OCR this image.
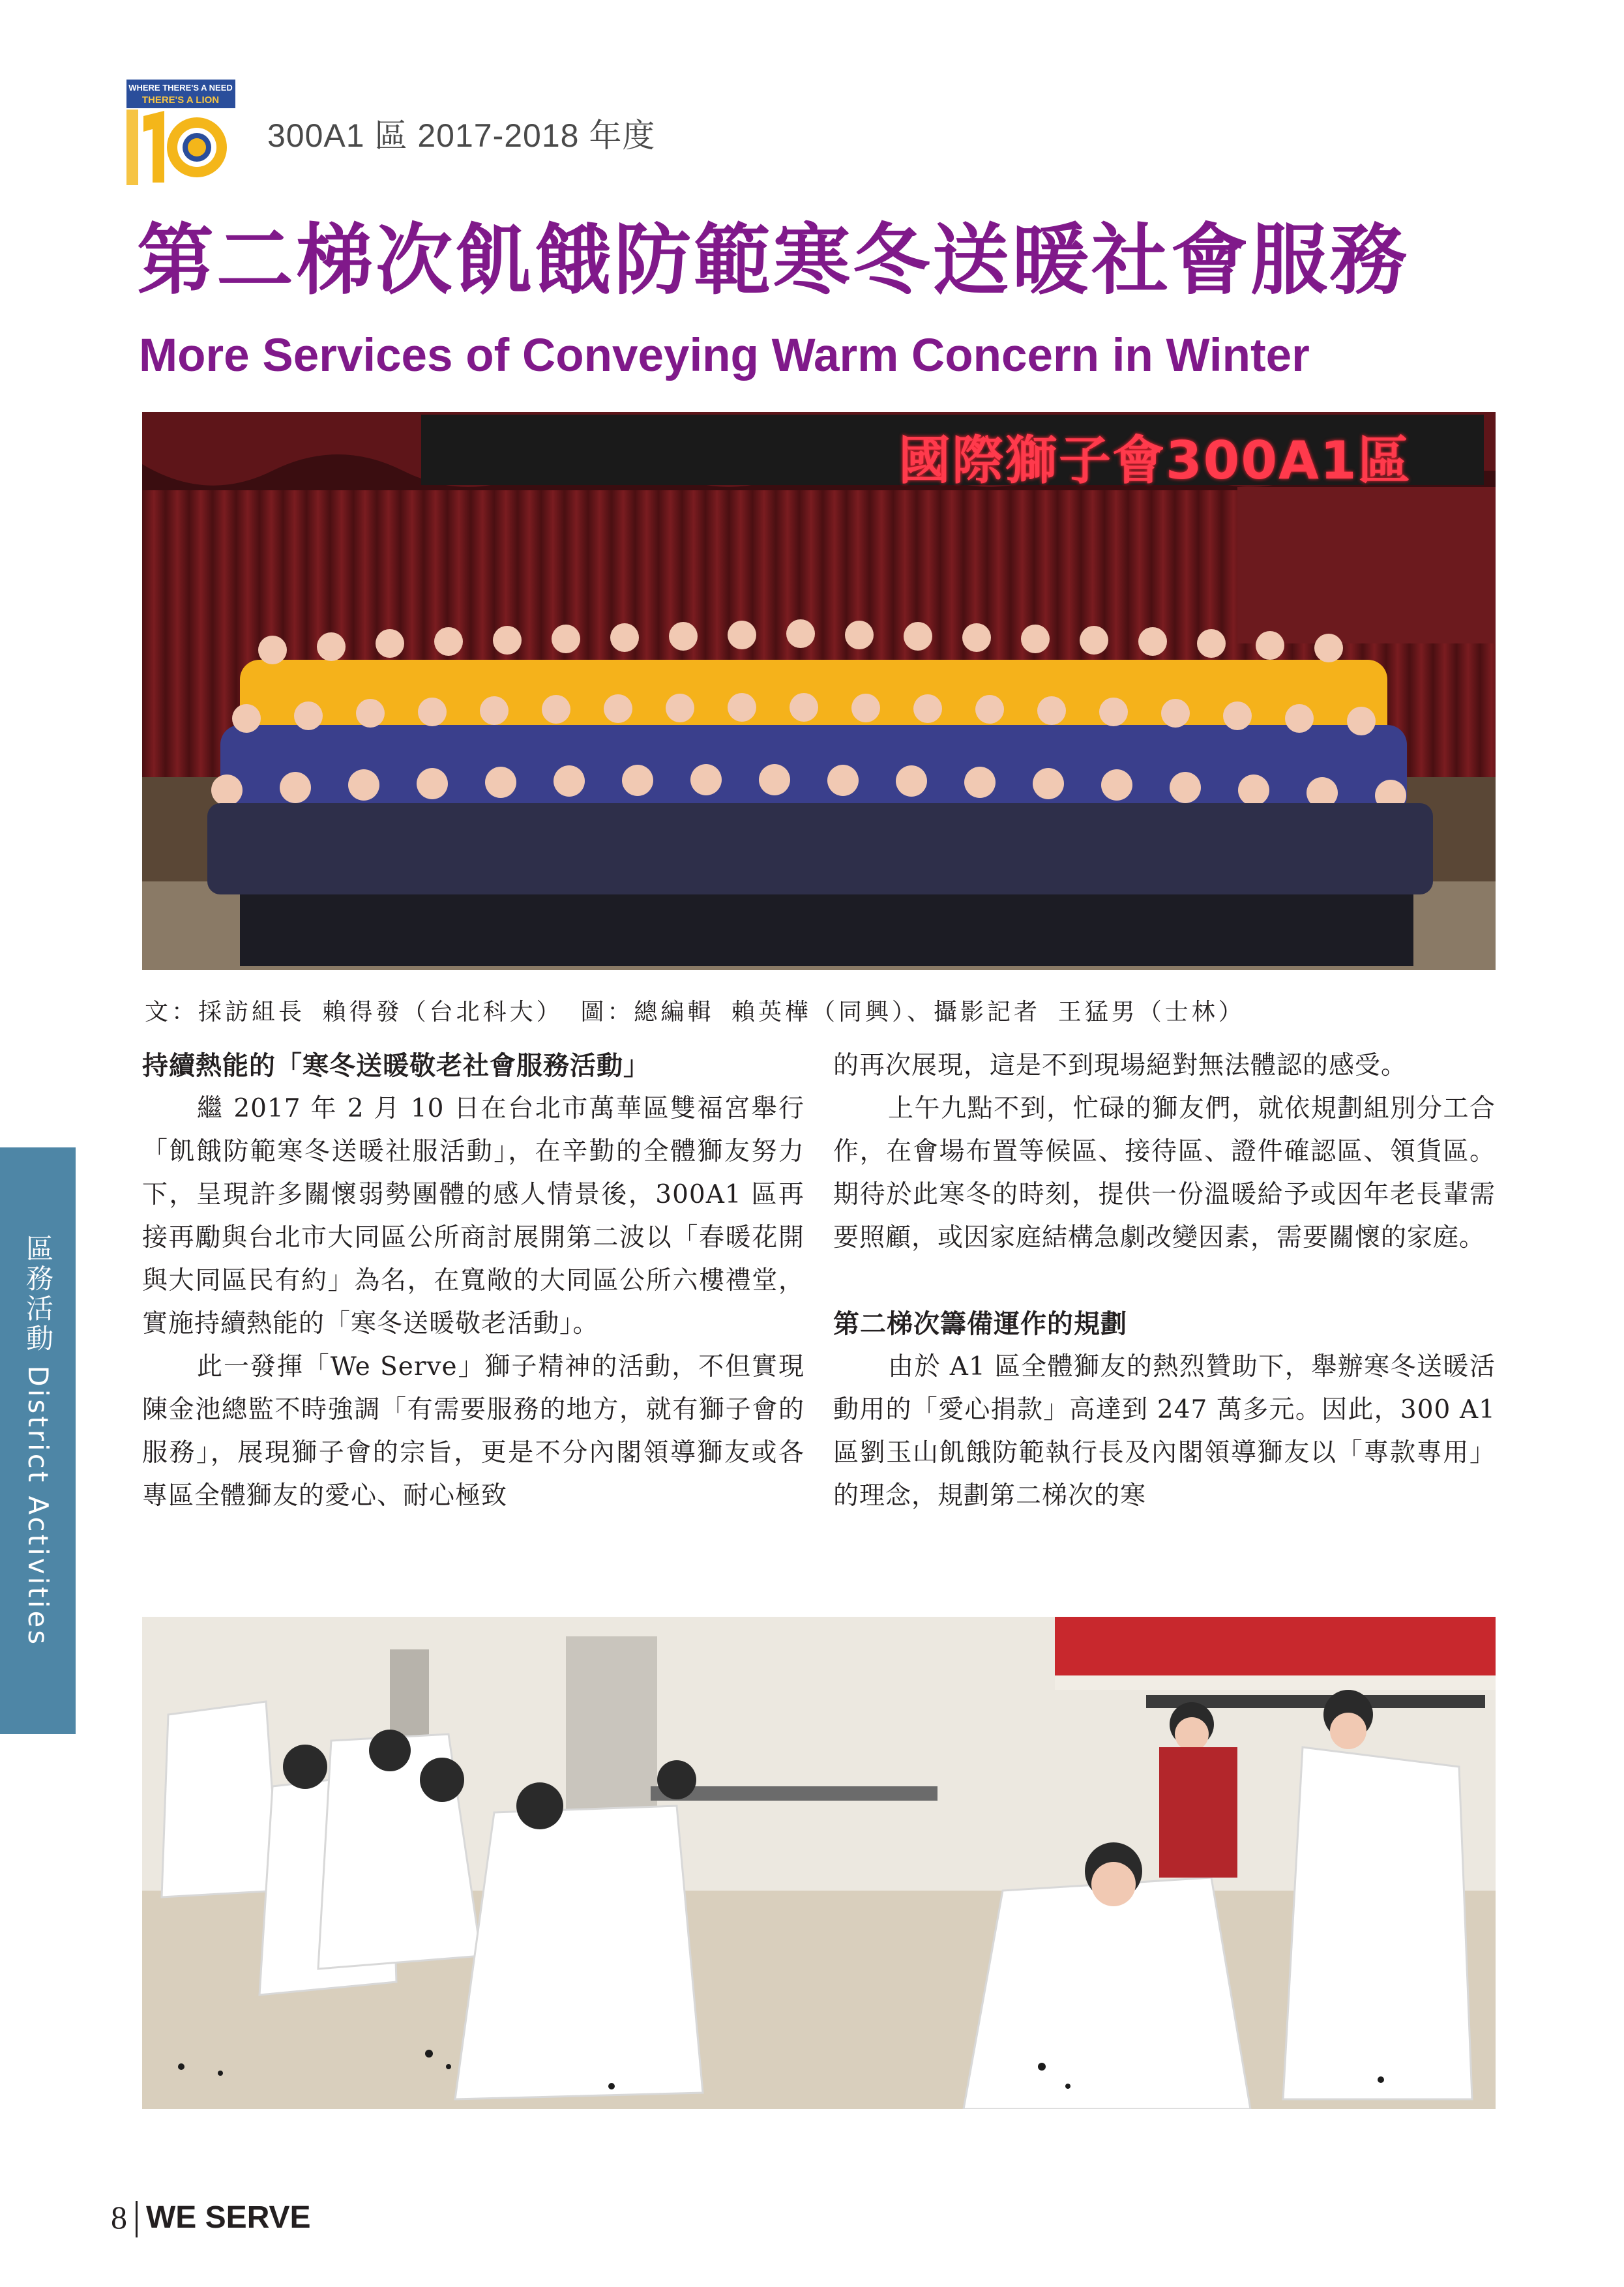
WHERE THERE'S A NEED
THERE'S A LION
300A1 區 2017-2018 年度
第二梯次飢餓防範寒冬送暖社會服務
More Services of Conveying Warm Concern in Winter
國際獅子會300A1區
文：採訪組長 賴得發（台北科大） 圖：總編輯 賴英樺（同興）、攝影記者 王猛男（士林）

持續熱能的「寒冬送暖敬老社會服務活動」

繼 2017 年 2 月 10 日在台北市萬華區雙福宮舉行「飢餓防範寒冬送暖社服活動」，在辛勤的全體獅友努力下，呈現許多關懷弱勢團體的感人情景後，300A1 區再接再勵與台北市大同區公所商討展開第二波以「春暖花開與大同區民有約」為名，在寬敞的大同區公所六樓禮堂，實施持續熱能的「寒冬送暖敬老活動」。

此一發揮「We Serve」獅子精神的活動，不但實現陳金池總監不時強調「有需要服務的地方，就有獅子會的服務」，展現獅子會的宗旨，更是不分內閣領導獅友或各專區全體獅友的愛心、耐心極致

的再次展現，這是不到現場絕對無法體認的感受。

上午九點不到，忙碌的獅友們，就依規劃組別分工合作，在會場布置等候區、接待區、證件確認區、領貨區。期待於此寒冬的時刻，提供一份溫暖給予或因年老長輩需要照顧，或因家庭結構急劇改變因素，需要關懷的家庭。

第二梯次籌備運作的規劃

由於 A1 區全體獅友的熱烈贊助下，舉辦寒冬送暖活動用的「愛心捐款」高達到 247 萬多元。因此，300 A1 區劉玉山飢餓防範執行長及內閣領導獅友以「專款專用」的理念，規劃第二梯次的寒

區務活動 District Activities
8 WE SERVE
